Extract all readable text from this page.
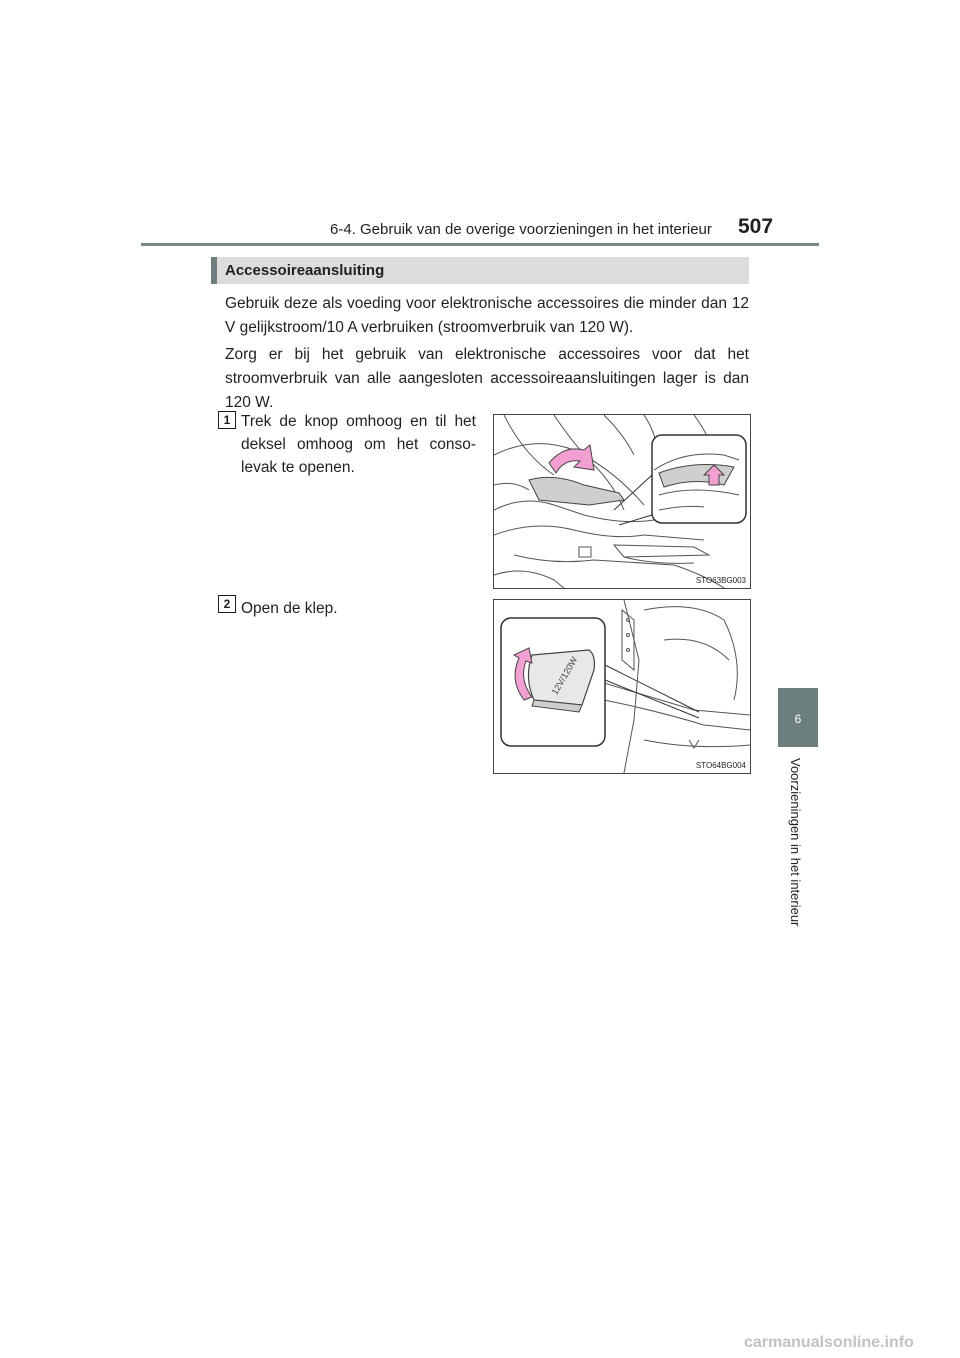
6-4. Gebruik van de overige voorzieningen in het interieur 507
Accessoireaansluiting

Gebruik deze als voeding voor elektronische accessoires die minder dan 12 V gelijkstroom/10 A verbruiken (stroomverbruik van 120 W).

Zorg er bij het gebruik van elektronische accessoires voor dat het stroomverbruik van alle aangesloten accessoireaansluitingen lager is dan 120 W.

1 Trek de knop omhoog en til het deksel omhoog om het conso-levak te openen.

STO63BG003
2 Open de klep.

12V/120W
STO64BG004
6
Voorzieningen in het interieur
carmanualsonline.info
